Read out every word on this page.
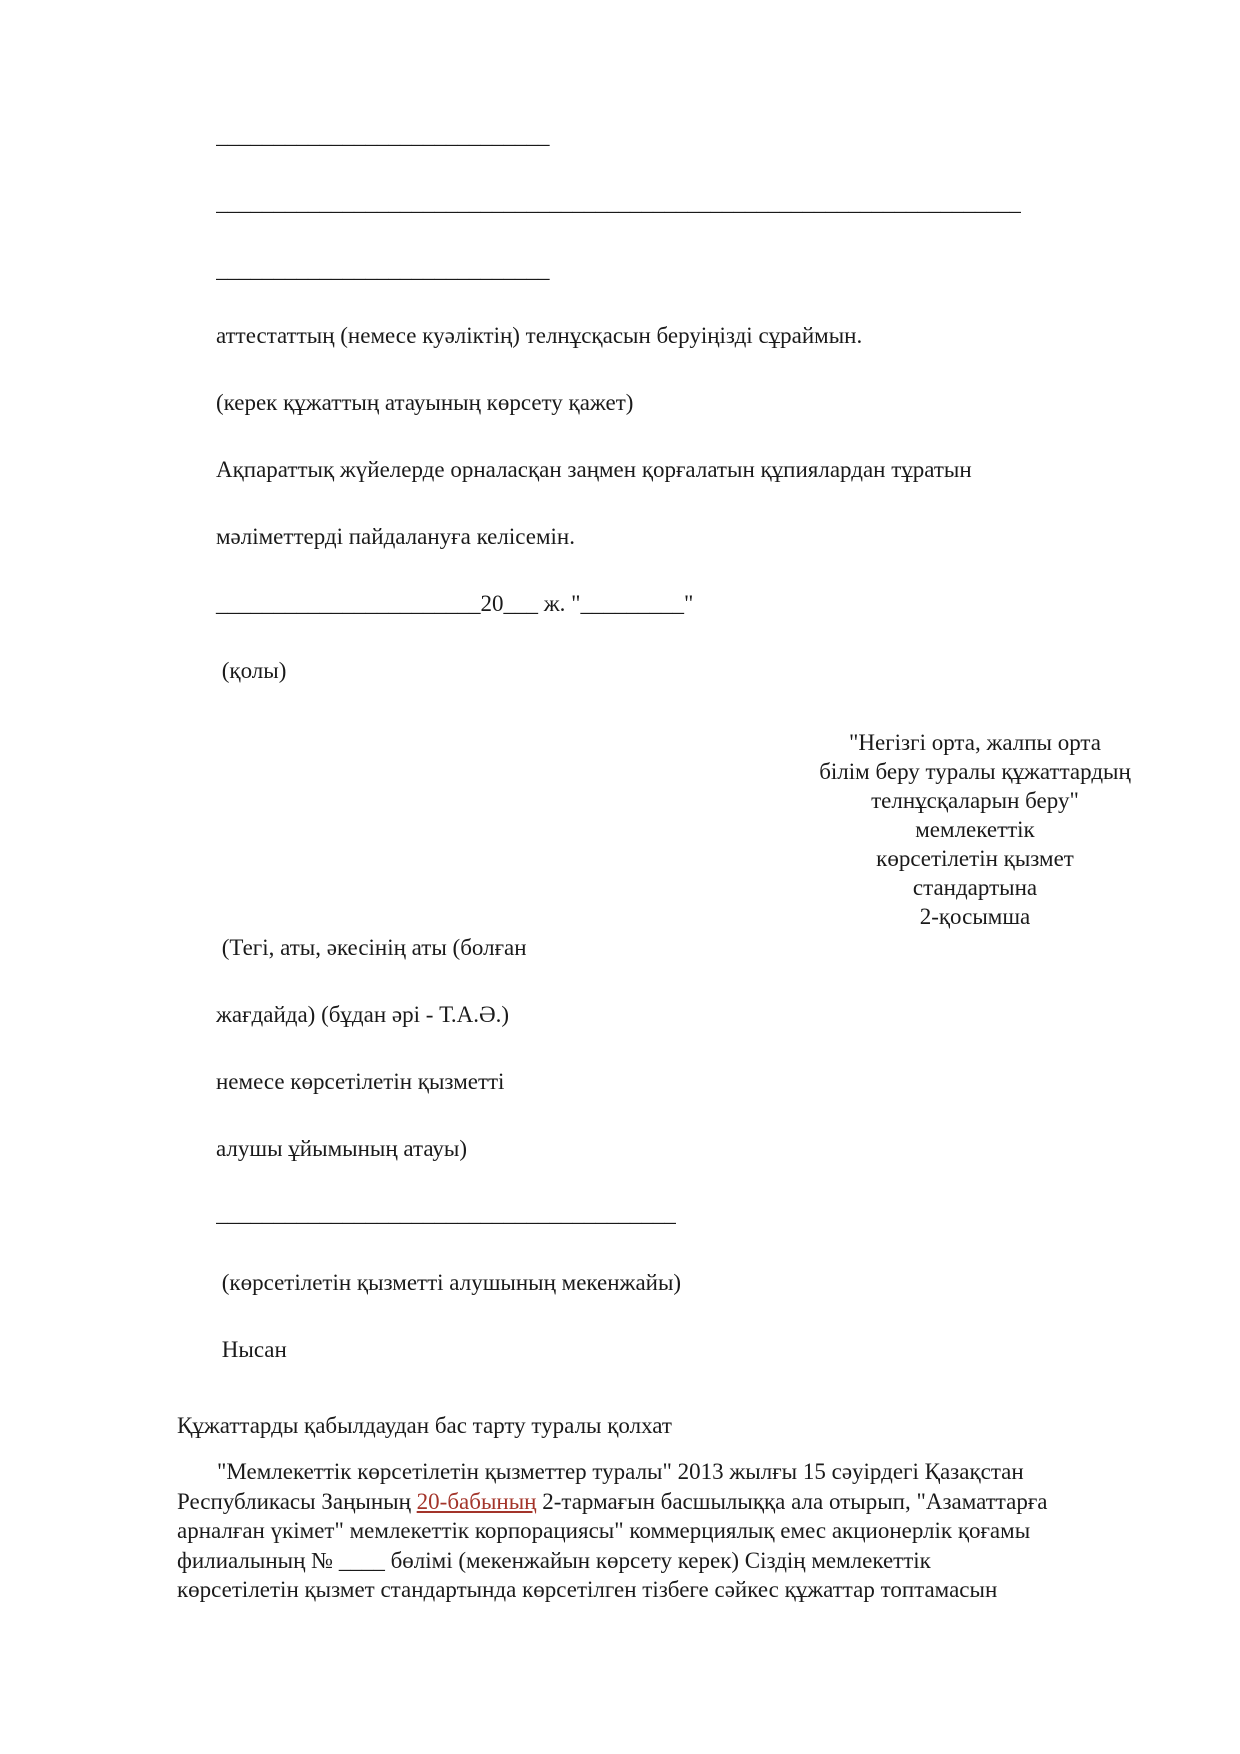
_____________________________
______________________________________________________________________
_____________________________
аттестаттың (немесе куәліктің) телнұсқасын беруіңізді сұраймын.
(керек құжаттың атауының көрсету қажет)
Ақпараттық жүйелерде орналасқан заңмен қорғалатын құпиялардан тұратын
мәліметтерді пайдалануға келісемін.
_______________________20___ ж. "_________"
(қолы)
"Негізгі орта, жалпы орта
білім беру туралы құжаттардың
телнұсқаларын беру"
мемлекеттік
көрсетілетін қызмет
стандартына
2-қосымша
(Тегі, аты, әкесінің аты (болған
жағдайда) (бұдан әрі - Т.А.Ә.)
немесе көрсетілетін қызметті
алушы ұйымының атауы)
________________________________________
(көрсетілетін қызметті алушының мекенжайы)
Нысан
Құжаттарды қабылдаудан бас тарту туралы қолхат
"Мемлекеттік көрсетілетін қызметтер туралы" 2013 жылғы 15 сәуірдегі Қазақстан
Республикасы Заңының 20-бабының 2-тармағын басшылыққа ала отырып, "Азаматтарға
арналған үкімет" мемлекеттік корпорациясы" коммерциялық емес акционерлік қоғамы
филиалының № ____ бөлімі (мекенжайын көрсету керек) Сіздің мемлекеттік
көрсетілетін қызмет стандартында көрсетілген тізбеге сәйкес құжаттар топтамасын
